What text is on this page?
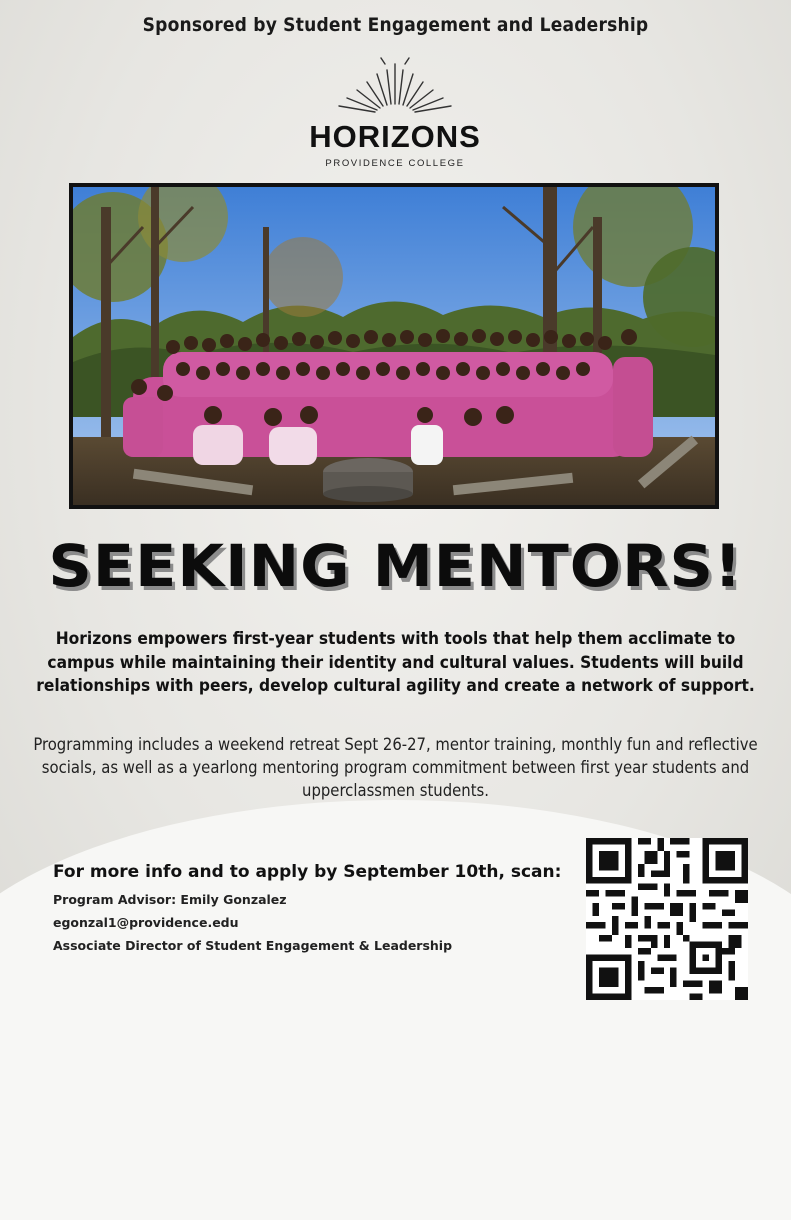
Sponsored by Student Engagement and Leadership
HORIZONS
PROVIDENCE COLLEGE
SEEKING MENTORS!

Horizons empowers first-year students with tools that help them acclimate to campus while maintaining their identity and cultural values. Students will build relationships with peers, develop cultural agility and create a network of support.

Programming includes a weekend retreat Sept 26-27, mentor training, monthly fun and reflective socials, as well as a yearlong mentoring program commitment between first year students and upperclassmen students.

For more info and to apply by September 10th, scan:
Program Advisor: Emily Gonzalez
egonzal1@providence.edu
Associate Director of Student Engagement & Leadership
